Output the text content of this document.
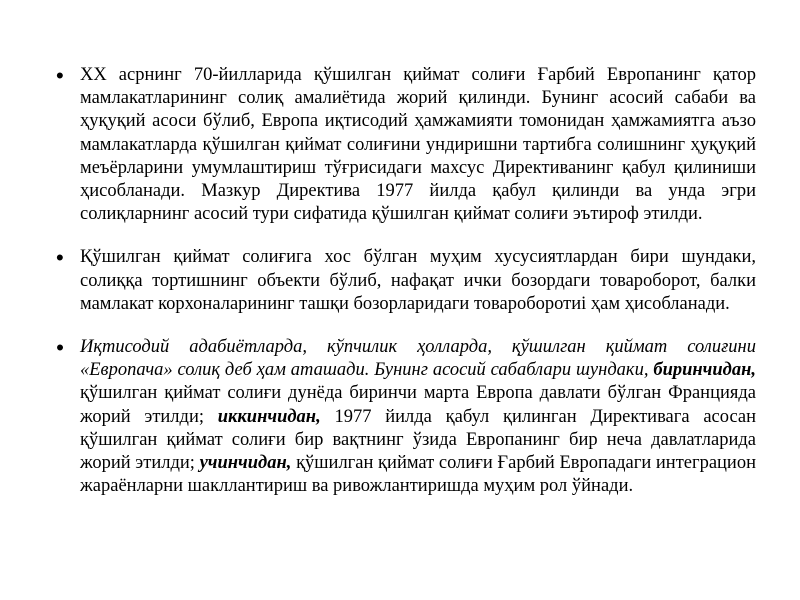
• XX асрнинг 70-йилларида қўшилган қиймат солиғи Ғарбий Европанинг қатор мамлакатларининг солиқ амалиётида жорий қилинди. Бунинг асосий сабаби ва ҳуқуқий асоси бўлиб, Европа иқтисодий ҳамжамияти томонидан ҳамжамиятга аъзо мамлакатларда қўшилган қиймат солиғини ундиришни тартибга солишнинг ҳуқуқий меъёрларини умумлаштириш тўғрисидаги махсус Директиванинг қабул қилиниши ҳисобланади. Мазкур Директива 1977 йилда қабул қилинди ва унда эгри солиқларнинг асосий тури сифатида қўшилган қиймат солиғи эътироф этилди.
• Қўшилган қиймат солиғига хос бўлган муҳим хусусиятлардан бири шундаки, солиққа тортишнинг объекти бўлиб, нафақат ички бозордаги товароборот, балки мамлакат корхоналарининг ташқи бозорларидаги товароборотиi ҳам ҳисобланади.
• Иқтисодий адабиётларда, кўпчилик ҳолларда, қўшилган қиймат солиғини «Европача» солиқ деб ҳам аташади. Бунинг асосий сабаблари шундаки, биринчидан, қўшилган қиймат солиғи дунёда биринчи марта Европа давлати бўлган Францияда жорий этилди; иккинчидан, 1977 йилда қабул қилинган Директивага асосан қўшилган қиймат солиғи бир вақтнинг ўзида Европанинг бир неча давлатларида жорий этилди; учинчидан, қўшилган қиймат солиғи Ғарбий Европадаги интеграцион жараёнларни шакллантириш ва ривожлантиришда муҳим рол ўйнади.
